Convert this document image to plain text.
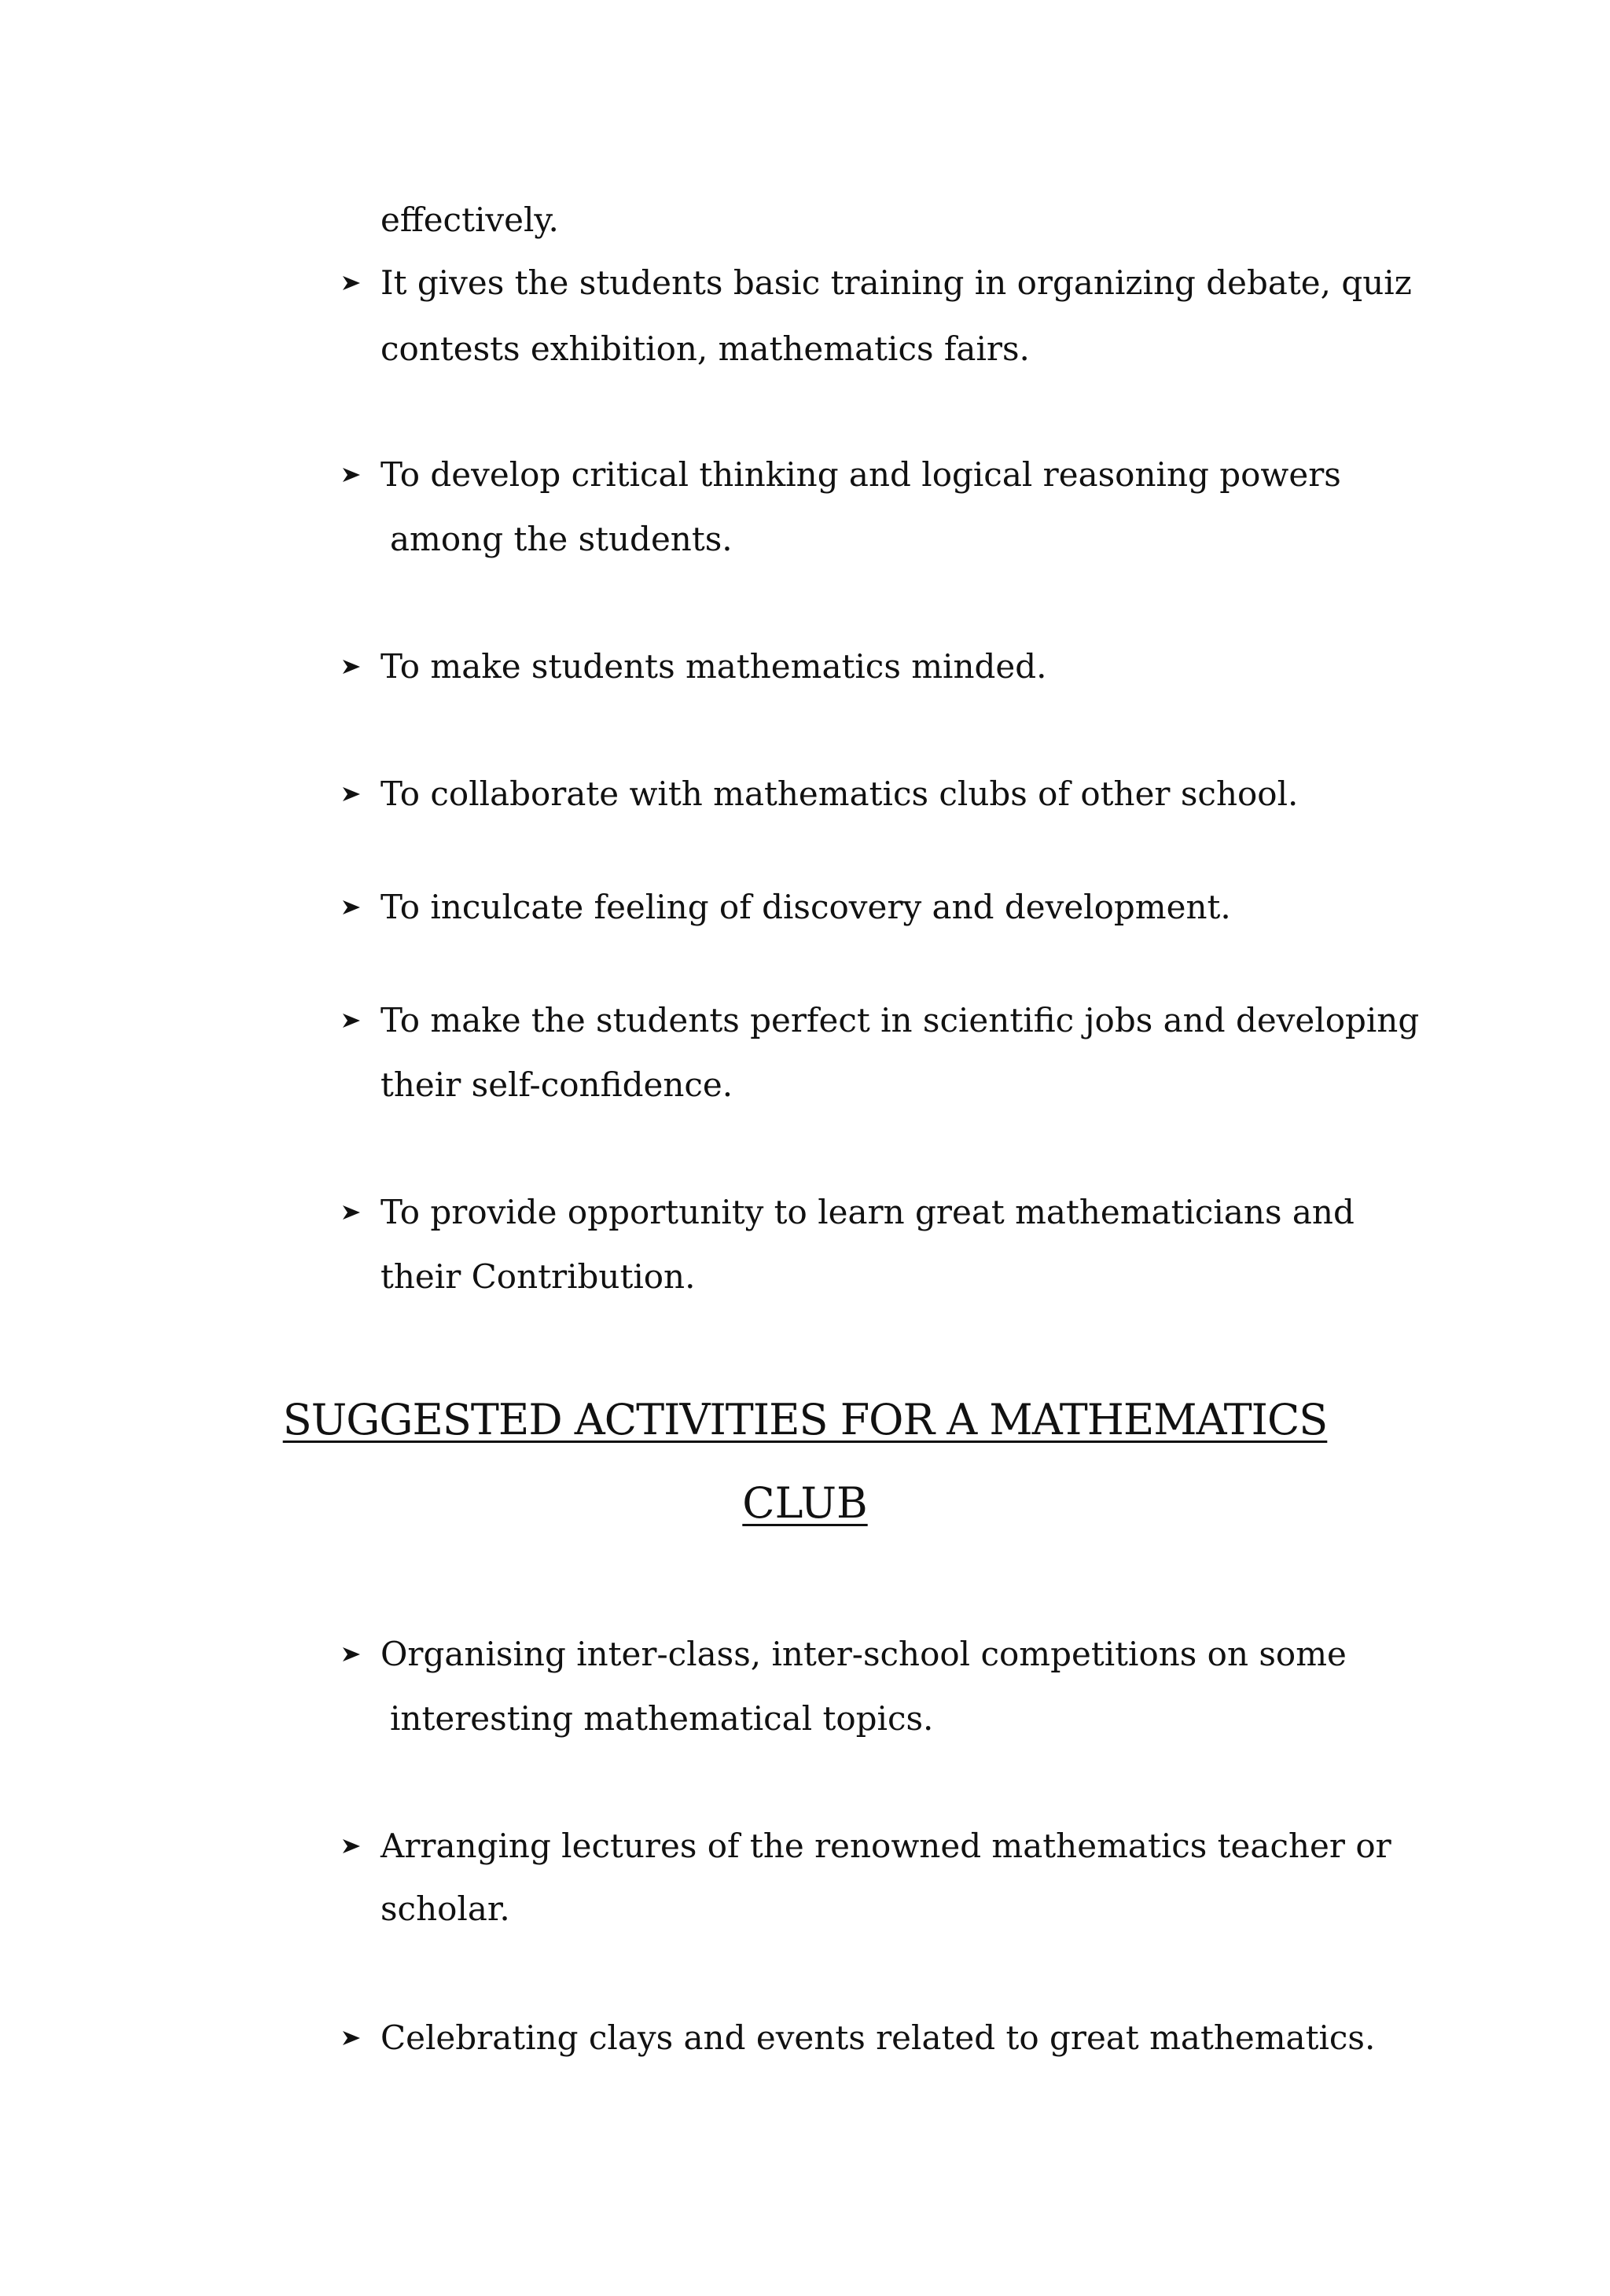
effectively.
It gives the students basic training in organizing debate, quiz
contests exhibition, mathematics fairs.
To develop critical thinking and logical reasoning powers
among the students.
To make students mathematics minded.
To collaborate with mathematics clubs of other school.
To inculcate feeling of discovery and development.
To make the students perfect in scientific jobs and developing
their self-confidence.
To provide opportunity to learn great mathematicians and
their Contribution.
SUGGESTED ACTIVITIES FOR A MATHEMATICS
CLUB
Organising inter-class, inter-school competitions on some
interesting mathematical topics.
Arranging lectures of the renowned mathematics teacher or
scholar.
Celebrating clays and events related to great mathematics.
